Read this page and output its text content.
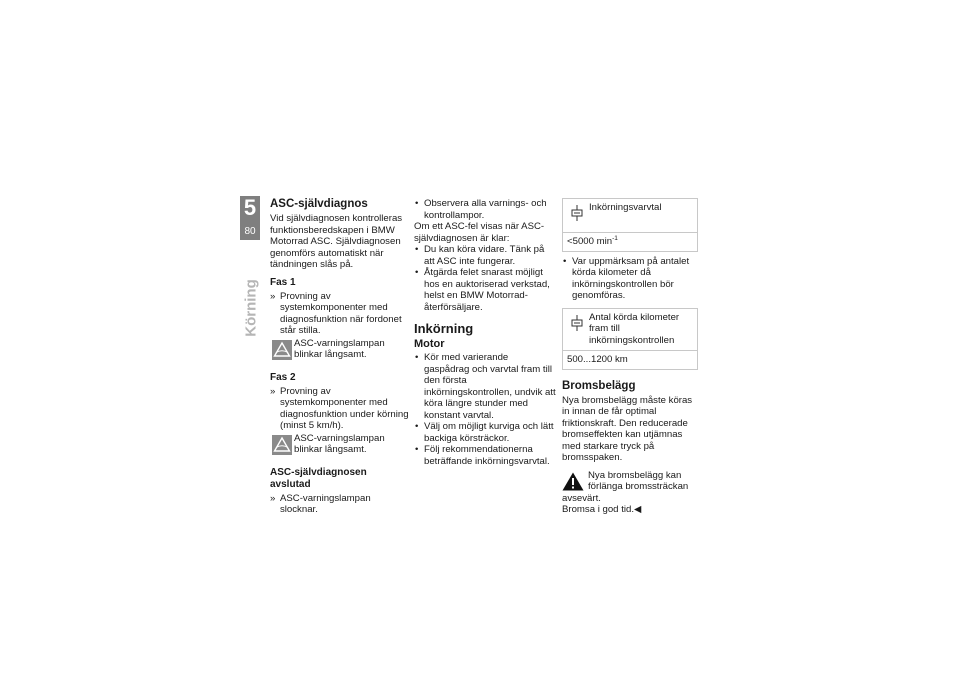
5
80
Körning
ASC-självdiagnos

Vid självdiagnosen kontrolleras funktionsberedskapen i BMW Motorrad ASC. Självdiagnosen genomförs automatiskt när tändningen slås på.

Fas 1
» Provning av systemkomponenter med diagnosfunktion när fordonet står stilla.
ASC-varningslampan blinkar långsamt.
Fas 2
» Provning av systemkomponenter med diagnosfunktion under körning (minst 5 km/h).
ASC-varningslampan blinkar långsamt.
ASC-självdiagnosen avslutad
» ASC-varningslampan slocknar.
• Observera alla varnings- och kontrollampor.

Om ett ASC-fel visas när ASC-självdiagnosen är klar:

• Du kan köra vidare. Tänk på att ASC inte fungerar.
• Åtgärda felet snarast möjligt hos en auktoriserad verkstad, helst en BMW Motorrad-återförsäljare.
Inkörning
Motor
• Kör med varierande gaspådrag och varvtal fram till den första inkörningskontrollen, undvik att köra längre stunder med konstant varvtal.
• Välj om möjligt kurviga och lätt backiga körsträckor.
• Följ rekommendationerna beträffande inkörningsvarvtal.
Inkörningsvarvtal
<5000 $\min^{-1}$
• Var uppmärksam på antalet körda kilometer då inkörningskontrollen bör genomföras.
Antal körda kilometer fram till inkörningskontrollen
500...1200 km
Bromsbelägg

Nya bromsbelägg måste köras in innan de får optimal friktionskraft. Den reducerade bromseffekten kan utjämnas med starkare tryck på bromsspaken.

Nya bromsbelägg kan förlänga bromssträckan avsevärt.

Bromsa i god tid.◀
